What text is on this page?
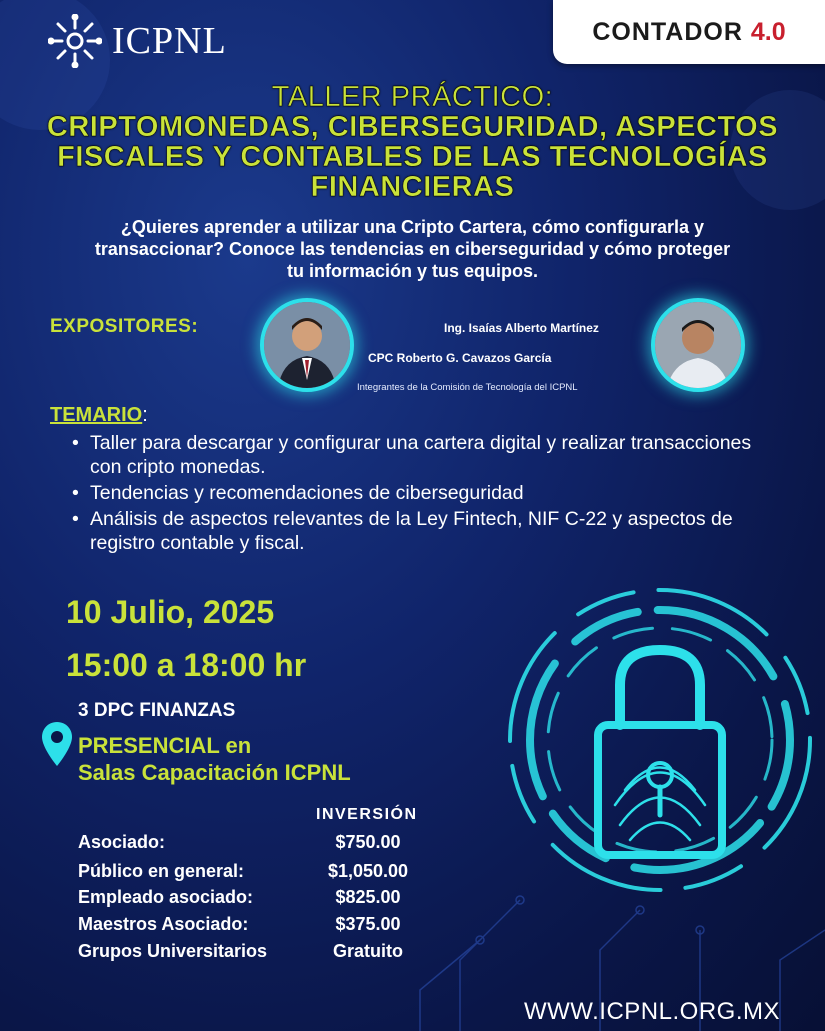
ICPNL	CONTADOR 4.0
TALLER PRÁCTICO:
CRIPTOMONEDAS, CIBERSEGURIDAD, ASPECTOS
FISCALES Y CONTABLES DE LAS TECNOLOGÍAS
FINANCIERAS
¿Quieres aprender a utilizar una Cripto Cartera, cómo configurarla y
transaccionar? Conoce las tendencias en ciberseguridad y cómo proteger
tu información y tus equipos.
EXPOSITORES:	Ing. Isaías Alberto Martínez
CPC Roberto G. Cavazos García
Integrantes de la Comisión de Tecnología del ICPNL
TEMARIO:
• Taller para descargar y configurar una cartera digital y realizar transacciones con cripto monedas.
• Tendencias y recomendaciones de ciberseguridad
• Análisis de aspectos relevantes de la Ley Fintech, NIF C-22 y aspectos de registro contable y fiscal.
10 Julio, 2025
15:00 a 18:00 hr
3 DPC FINANZAS
PRESENCIAL en
Salas Capacitación ICPNL
INVERSIÓN
Asociado:	$750.00
Público en general:	$1,050.00
Empleado asociado:	$825.00
Maestros Asociado:	$375.00
Grupos Universitarios	Gratuito
WWW.ICPNL.ORG.MX
